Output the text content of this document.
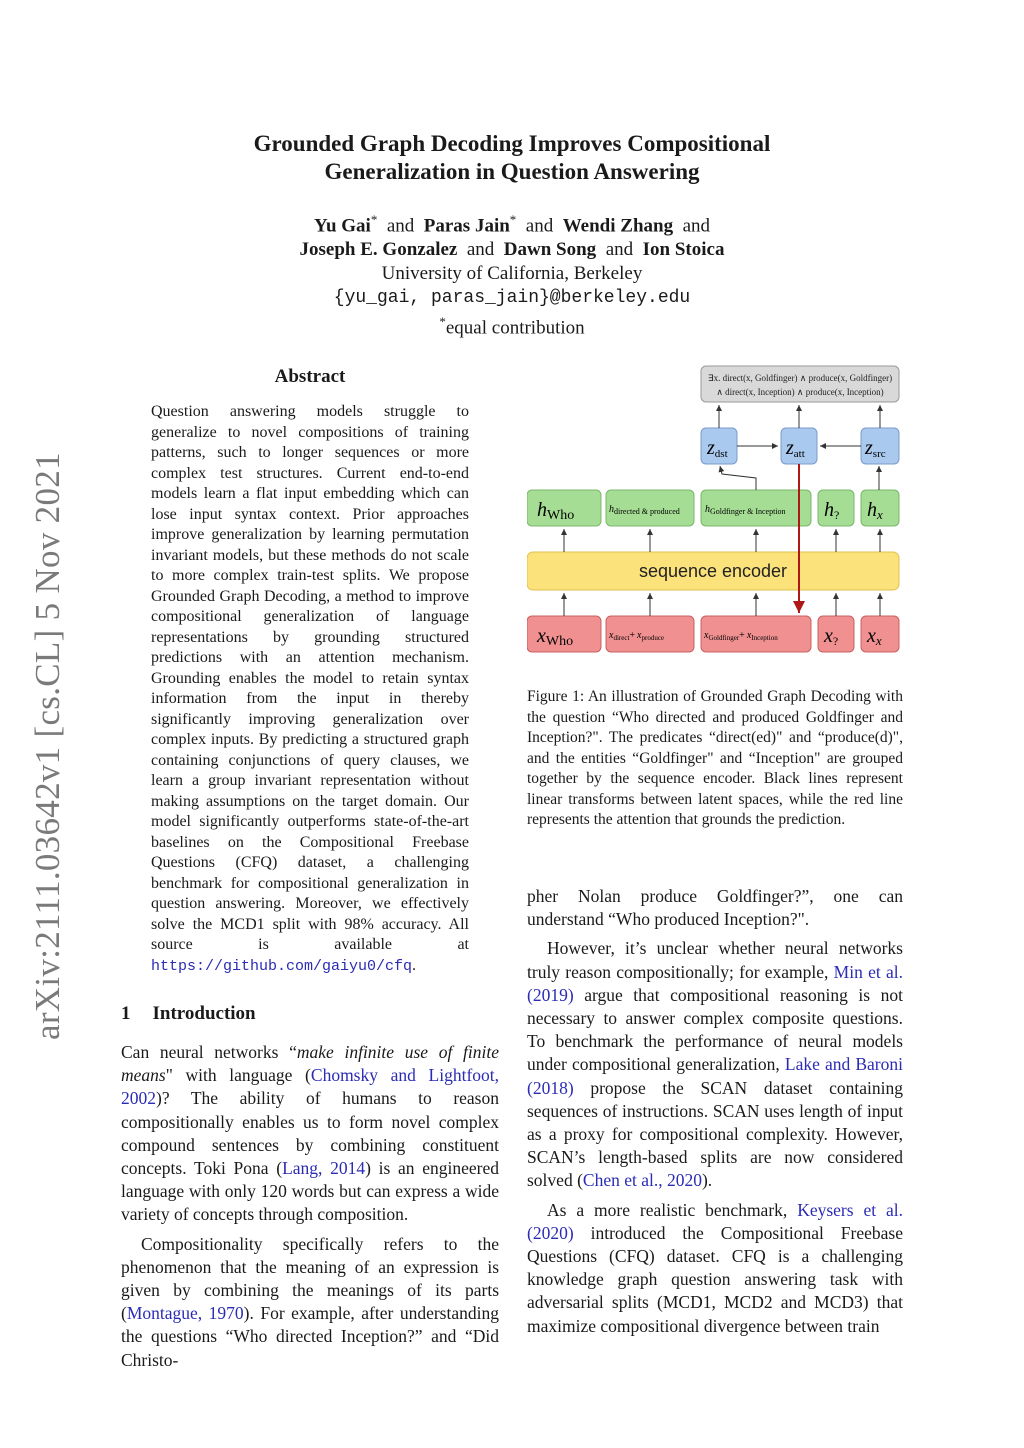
arXiv:2111.03642v1 [cs.CL] 5 Nov 2021
Grounded Graph Decoding Improves Compositional
Generalization in Question Answering
Yu Gai* and Paras Jain* and Wendi Zhang and
Joseph E. Gonzalez and Dawn Song and Ion Stoica
University of California, Berkeley
{yu_gai, paras_jain}@berkeley.edu
*equal contribution
Abstract
Question answering models struggle to generalize to novel compositions of training patterns, such to longer sequences or more complex test structures. Current end-to-end models learn a flat input embedding which can lose input syntax context. Prior approaches improve generalization by learning permutation invariant models, but these methods do not scale to more complex train-test splits. We propose Grounded Graph Decoding, a method to improve compositional generalization of language representations by grounding structured predictions with an attention mechanism. Grounding enables the model to retain syntax information from the input in thereby significantly improving generalization over complex inputs. By predicting a structured graph containing conjunctions of query clauses, we learn a group invariant representation without making assumptions on the target domain. Our model significantly outperforms state-of-the-art baselines on the Compositional Freebase Questions (CFQ) dataset, a challenging benchmark for compositional generalization in question answering. Moreover, we effectively solve the MCD1 split with 98% accuracy. All source is available at https://github.com/gaiyu0/cfq.
1 Introduction

Can neural networks “make infinite use of finite means" with language (Chomsky and Lightfoot, 2002)? The ability of humans to reason compositionally enables us to form novel complex compound sentences by combining constituent concepts. Toki Pona (Lang, 2014) is an engineered language with only 120 words but can express a wide variety of concepts through composition.

Compositionality specifically refers to the phenomenon that the meaning of an expression is given by combining the meanings of its parts (Montague, 1970). For example, after understanding the questions “Who directed Inception?” and “Did Christo-

∃x. direct(x, Goldfinger) ∧ produce(x, Goldfinger)
∧ direct(x, Inception) ∧ produce(x, Inception)
zdst	zatt	zsrc
hWho	$h_{directed \& produced}$	$h_{Goldfinger \& Inception}$ h? hx
sequence encoder
xWho	$x_{direct}+ x_{produce}$	$x_{Goldfinger}+ x_{Inception}$ x? xx
Figure 1: An illustration of Grounded Graph Decoding with the question “Who directed and produced Goldfinger and Inception?". The predicates “direct(ed)" and “produce(d)", and the entities “Goldfinger" and “Inception" are grouped together by the sequence encoder. Black lines represent linear transforms between latent spaces, while the red line represents the attention that grounds the prediction.

pher Nolan produce Goldfinger?”, one can understand “Who produced Inception?".

However, it’s unclear whether neural networks truly reason compositionally; for example, Min et al. (2019) argue that compositional reasoning is not necessary to answer complex composite questions. To benchmark the performance of neural models under compositional generalization, Lake and Baroni (2018) propose the SCAN dataset containing sequences of instructions. SCAN uses length of input as a proxy for compositional complexity. However, SCAN’s length-based splits are now considered solved (Chen et al., 2020).

As a more realistic benchmark, Keysers et al. (2020) introduced the Compositional Freebase Questions (CFQ) dataset. CFQ is a challenging knowledge graph question answering task with adversarial splits (MCD1, MCD2 and MCD3) that maximize compositional divergence between train
